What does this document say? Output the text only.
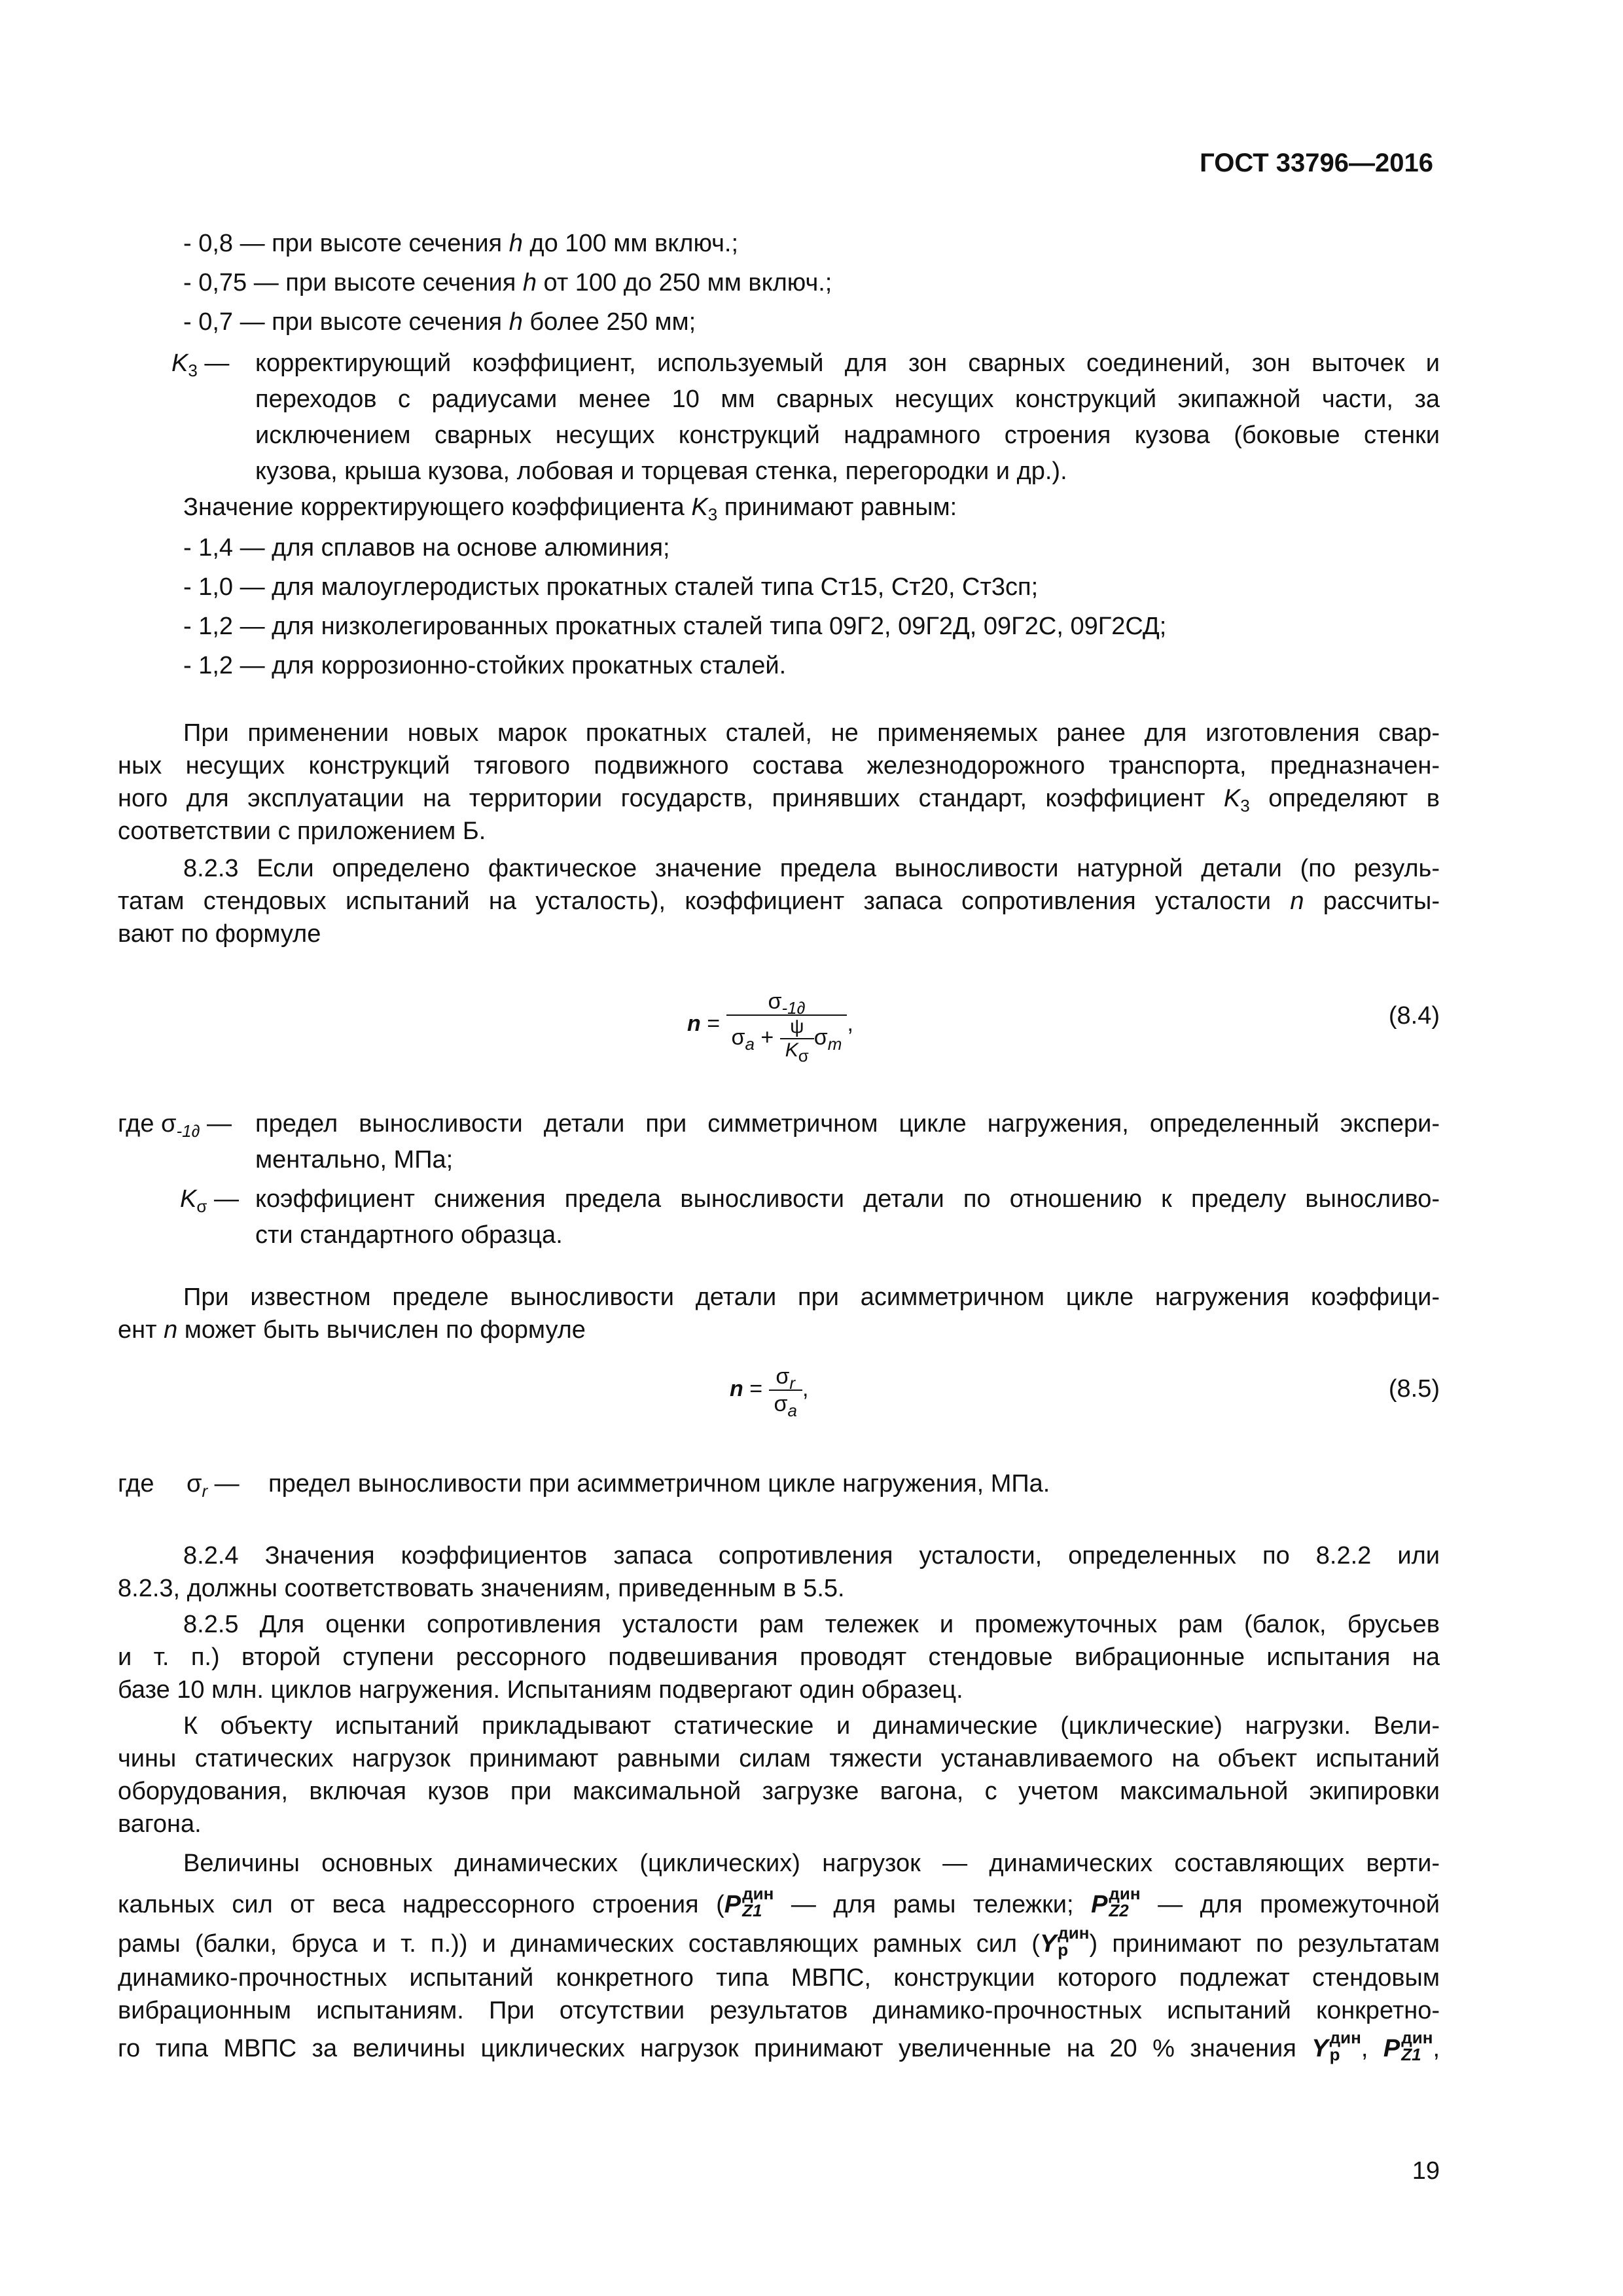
ГОСТ 33796—2016
- 0,8 — при высоте сечения h до 100 мм включ.;
- 0,75 — при высоте сечения h от 100 до 250 мм включ.;
- 0,7 — при высоте сечения h более 250 мм;
$K_3$ — корректирующий коэффициент, используемый для зон сварных соединений, зон выточек и
переходов с радиусами менее 10 мм сварных несущих конструкций экипажной части, за
исключением сварных несущих конструкций надрамного строения кузова (боковые стенки
кузова, крыша кузова, лобовая и торцевая стенка, перегородки и др.).
Значение корректирующего коэффициента $K_3$ принимают равным:
- 1,4 — для сплавов на основе алюминия;
- 1,0 — для малоуглеродистых прокатных сталей типа Ст15, Ст20, Ст3сп;
- 1,2 — для низколегированных прокатных сталей типа 09Г2, 09Г2Д, 09Г2С, 09Г2СД;
- 1,2 — для коррозионно-стойких прокатных сталей.
При применении новых марок прокатных сталей, не применяемых ранее для изготовления свар-
ных несущих конструкций тягового подвижного состава железнодорожного транспорта, предназначен-
ного для эксплуатации на территории государств, принявших стандарт, коэффициент $K_3$ определяют в
соответствии с приложением Б.
8.2.3 Если определено фактическое значение предела выносливости натурной детали (по резуль-
татам стендовых испытаний на усталость), коэффициент запаса сопротивления усталости n рассчиты-
вают по формуле
$n = \frac{\sigma_{-1\partial}}{\sigma_a + \frac{\psi}{K_\sigma} \sigma_m}$ ,	(8.4)
где $\sigma_{-1\partial}$ — предел выносливости детали при симметричном цикле нагружения, определенный экспери-
ментально, МПа;
$K_\sigma$ — коэффициент снижения предела выносливости детали по отношению к пределу выносливо-
сти стандартного образца.
При известном пределе выносливости детали при асимметричном цикле нагружения коэффици-
ент n может быть вычислен по формуле
$n = \frac{\sigma_r}{\sigma_a}$ ,	(8.5)
где $\sigma_r$ — предел выносливости при асимметричном цикле нагружения, МПа.
8.2.4 Значения коэффициентов запаса сопротивления усталости, определенных по 8.2.2 или
8.2.3, должны соответствовать значениям, приведенным в 5.5.
8.2.5 Для оценки сопротивления усталости рам тележек и промежуточных рам (балок, брусьев
и т. п.) второй ступени рессорного подвешивания проводят стендовые вибрационные испытания на
базе 10 млн. циклов нагружения. Испытаниям подвергают один образец.
К объекту испытаний прикладывают статические и динамические (циклические) нагрузки. Вели-
чины статических нагрузок принимают равными силам тяжести устанавливаемого на объект испытаний
оборудования, включая кузов при максимальной загрузке вагона, с учетом максимальной экипировки
вагона.
Величины основных динамических (циклических) нагрузок — динамических составляющих верти-
кальных сил от веса надрессорного строения (P дин
Z1 — для рамы тележки; P дин
Z2 — для промежуточной
рамы (балки, бруса и т. п.)) и динамических составляющих рамных сил (Y дин
р ) принимают по результатам
динамико-прочностных испытаний конкретного типа МВПС, конструкции которого подлежат стендовым
вибрационным испытаниям. При отсутствии результатов динамико-прочностных испытаний конкретно-
го типа МВПС за величины циклических нагрузок принимают увеличенные на 20 % значения Y дин
р , P дин
Z1 ,
19
